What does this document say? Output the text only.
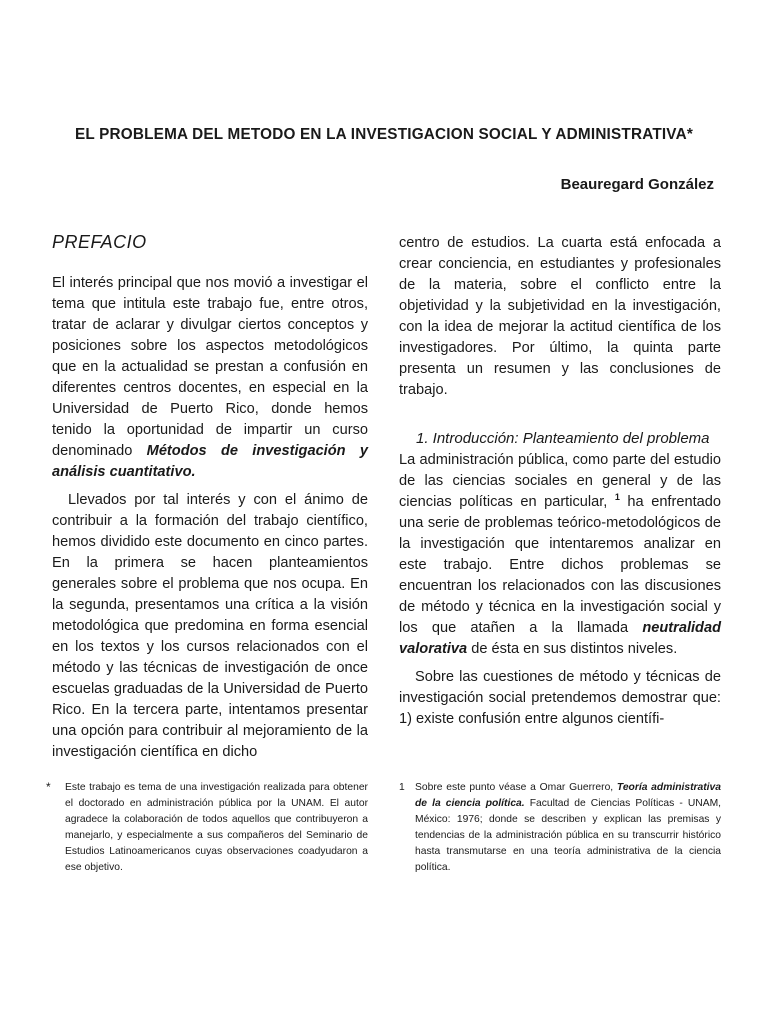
EL PROBLEMA DEL METODO EN LA INVESTIGACION SOCIAL Y ADMINISTRATIVA*
Beauregard González
PREFACIO

El interés principal que nos movió a investigar el tema que intitula este trabajo fue, entre otros, tratar de aclarar y divulgar ciertos conceptos y posiciones sobre los aspectos metodológicos que en la actualidad se prestan a confusión en diferentes centros docentes, en especial en la Universidad de Puerto Rico, donde hemos tenido la oportunidad de impartir un curso denominado Métodos de investigación y análisis cuantitativo.

Llevados por tal interés y con el ánimo de contribuir a la formación del trabajo científico, hemos dividido este documento en cinco partes. En la primera se hacen planteamientos generales sobre el problema que nos ocupa. En la segunda, presentamos una crítica a la visión metodológica que predomina en forma esencial en los textos y los cursos relacionados con el método y las técnicas de investigación de once escuelas graduadas de la Universidad de Puerto Rico. En la tercera parte, intentamos presentar una opción para contribuir al mejoramiento de la investigación científica en dicho

centro de estudios. La cuarta está enfocada a crear conciencia, en estudiantes y profesionales de la materia, sobre el conflicto entre la objetividad y la subjetividad en la investigación, con la idea de mejorar la actitud científica de los investigadores. Por último, la quinta parte presenta un resumen y las conclusiones de trabajo.

1. Introducción: Planteamiento del problema

La administración pública, como parte del estudio de las ciencias sociales en general y de las ciencias políticas en particular, $^1$ ha enfrentado una serie de problemas teórico-metodológicos de la investigación que intentaremos analizar en este trabajo. Entre dichos problemas se encuentran los relacionados con las discusiones de método y técnica en la investigación social y los que atañen a la llamada neutralidad valorativa de ésta en sus distintos niveles.

Sobre las cuestiones de método y técnicas de investigación social pretendemos demostrar que: 1) existe confusión entre algunos científi-

*	Este trabajo es tema de una investigación realizada para obtener el doctorado en administración pública por la UNAM. El autor agradece la colaboración de todos aquellos que contribuyeron a manejarlo, y especialmente a sus compañeros del Seminario de Estudios Latinoamericanos cuyas observaciones coadyudaron a ese objetivo.
1 Sobre este punto véase a Omar Guerrero, Teoría administrativa de la ciencia política. Facultad de Ciencias Políticas - UNAM, México: 1976; donde se describen y explican las premisas y tendencias de la administración pública en su transcurrir histórico hasta transmutarse en una teoría administrativa de la ciencia política.
